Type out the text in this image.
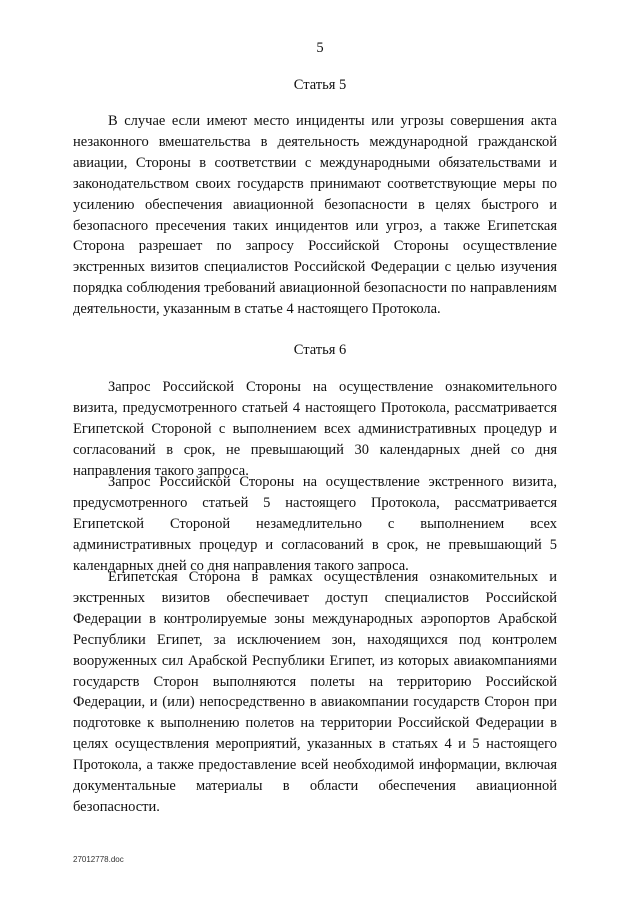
5
Статья 5

В случае если имеют место инциденты или угрозы совершения акта незаконного вмешательства в деятельность международной гражданской авиации, Стороны в соответствии с международными обязательствами и законодательством своих государств принимают соответствующие меры по усилению обеспечения авиационной безопасности в целях быстрого и безопасного пресечения таких инцидентов или угроз, а также Египетская Сторона разрешает по запросу Российской Стороны осуществление экстренных визитов специалистов Российской Федерации с целью изучения порядка соблюдения требований авиационной безопасности по направлениям деятельности, указанным в статье 4 настоящего Протокола.

Статья 6

Запрос Российской Стороны на осуществление ознакомительного визита, предусмотренного статьей 4 настоящего Протокола, рассматривается Египетской Стороной с выполнением всех административных процедур и согласований в срок, не превышающий 30 календарных дней со дня направления такого запроса.

Запрос Российской Стороны на осуществление экстренного визита, предусмотренного статьей 5 настоящего Протокола, рассматривается Египетской Стороной незамедлительно с выполнением всех административных процедур и согласований в срок, не превышающий 5 календарных дней со дня направления такого запроса.

Египетская Сторона в рамках осуществления ознакомительных и экстренных визитов обеспечивает доступ специалистов Российской Федерации в контролируемые зоны международных аэропортов Арабской Республики Египет, за исключением зон, находящихся под контролем вооруженных сил Арабской Республики Египет, из которых авиакомпаниями государств Сторон выполняются полеты на территорию Российской Федерации, и (или) непосредственно в авиакомпании государств Сторон при подготовке к выполнению полетов на территории Российской Федерации в целях осуществления мероприятий, указанных в статьях 4 и 5 настоящего Протокола, а также предоставление всей необходимой информации, включая документальные материалы в области обеспечения авиационной безопасности.

27012778.doc
